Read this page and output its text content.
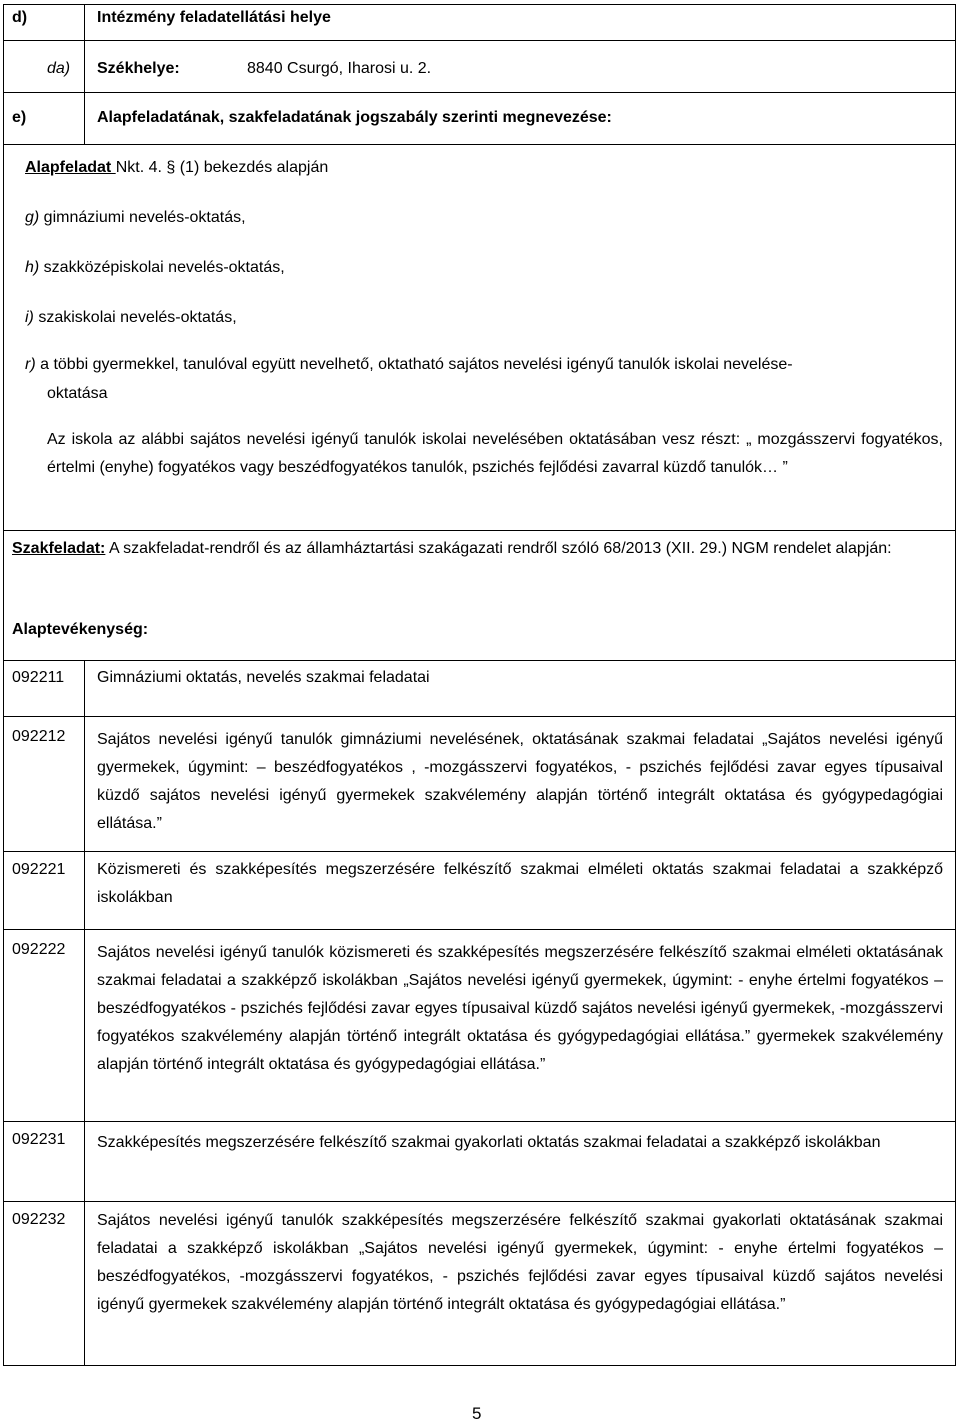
d)	Intézmény feladatellátási helye
da) Székhelye:	8840 Csurgó, Iharosi u. 2.
e)	Alapfeladatának, szakfeladatának jogszabály szerinti megnevezése:
Alapfeladat Nkt. 4. § (1) bekezdés alapján
g) gimnáziumi nevelés-oktatás,
h) szakközépiskolai nevelés-oktatás,
i) szakiskolai nevelés-oktatás,
r) a többi gyermekkel, tanulóval együtt nevelhető, oktatható sajátos nevelési igényű tanulók iskolai nevelése-
oktatása
Az iskola az alábbi sajátos nevelési igényű tanulók iskolai nevelésében oktatásában vesz részt: „ mozgásszervi fogyatékos, értelmi (enyhe) fogyatékos vagy beszédfogyatékos tanulók, pszichés fejlődési zavarral küzdő tanulók… ”
Szakfeladat: A szakfeladat-rendről és az államháztartási szakágazati rendről szóló 68/2013 (XII. 29.) NGM rendelet alapján:
Alaptevékenység:
092211 Gimnáziumi oktatás, nevelés szakmai feladatai
092212 Sajátos nevelési igényű tanulók gimnáziumi nevelésének, oktatásának szakmai feladatai „Sajátos nevelési igényű gyermekek, úgymint: – beszédfogyatékos , -mozgásszervi fogyatékos, - pszichés fejlődési zavar egyes típusaival küzdő sajátos nevelési igényű gyermekek szakvélemény alapján történő integrált oktatása és gyógypedagógiai ellátása.”
092221 Közismereti és szakképesítés megszerzésére felkészítő szakmai elméleti oktatás szakmai feladatai a szakképző iskolákban
092222 Sajátos nevelési igényű tanulók közismereti és szakképesítés megszerzésére felkészítő szakmai elméleti oktatásának szakmai feladatai a szakképző iskolákban „Sajátos nevelési igényű gyermekek, úgymint: - enyhe értelmi fogyatékos – beszédfogyatékos - pszichés fejlődési zavar egyes típusaival küzdő sajátos nevelési igényű gyermekek, -mozgásszervi fogyatékos szakvélemény alapján történő integrált oktatása és gyógypedagógiai ellátása.” gyermekek szakvélemény alapján történő integrált oktatása és gyógypedagógiai ellátása.”
092231 Szakképesítés megszerzésére felkészítő szakmai gyakorlati oktatás szakmai feladatai a szakképző iskolákban
092232 Sajátos nevelési igényű tanulók szakképesítés megszerzésére felkészítő szakmai gyakorlati oktatásának szakmai feladatai a szakképző iskolákban „Sajátos nevelési igényű gyermekek, úgymint: - enyhe értelmi fogyatékos – beszédfogyatékos, -mozgásszervi fogyatékos, - pszichés fejlődési zavar egyes típusaival küzdő sajátos nevelési igényű gyermekek szakvélemény alapján történő integrált oktatása és gyógypedagógiai ellátása.”
5
